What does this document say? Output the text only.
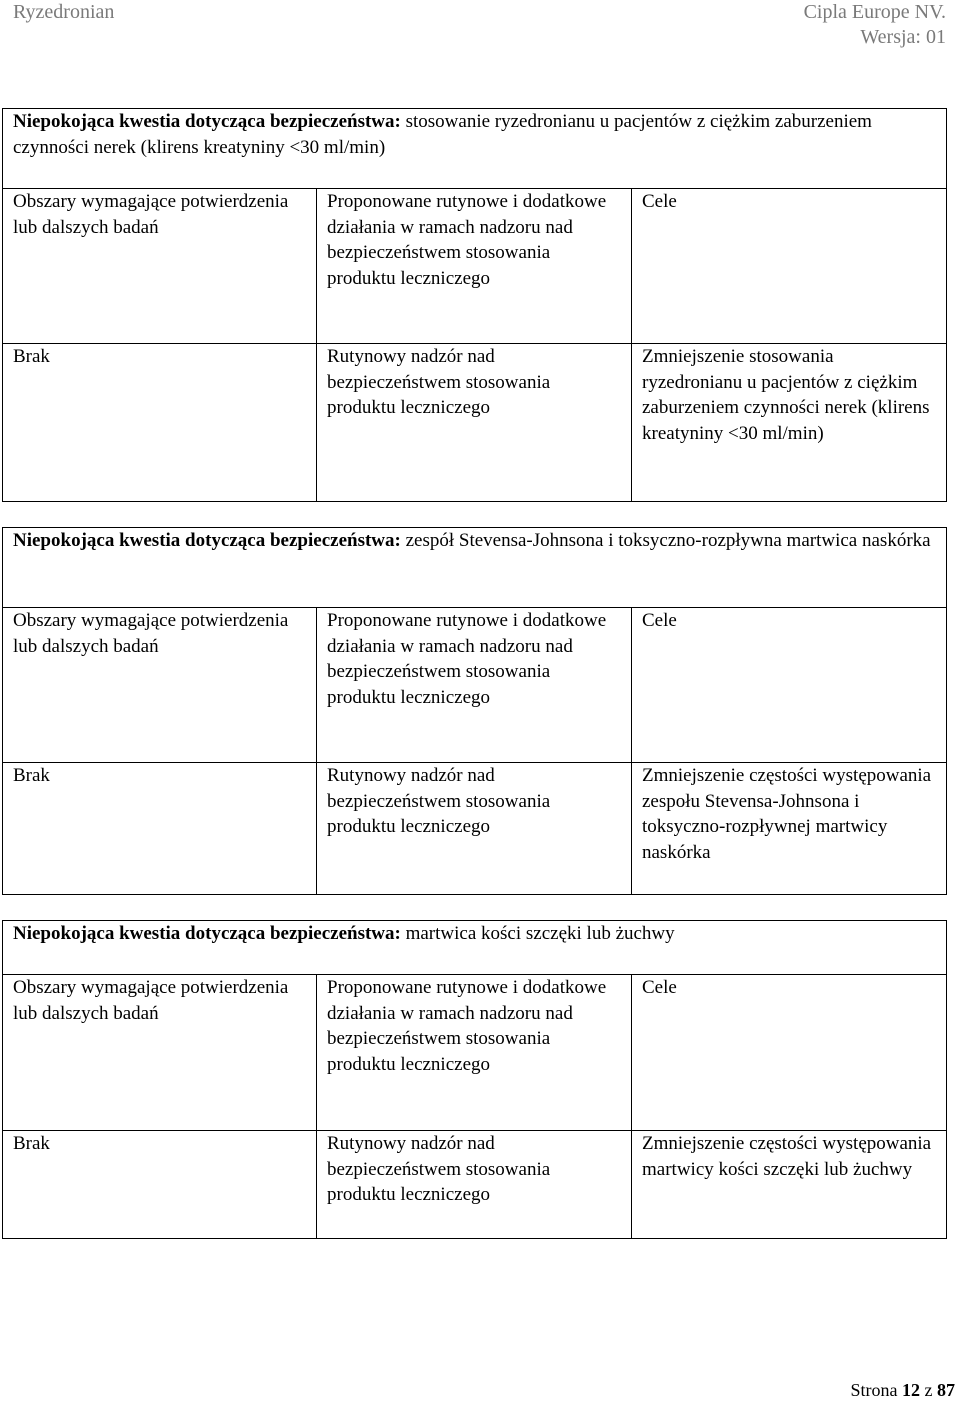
Ryzedronian	Cipla Europe NV.
Wersja: 01
Niepokojąca kwestia dotycząca bezpieczeństwa: stosowanie ryzedronianu u pacjentów z ciężkim zaburzeniem czynności nerek (klirens kreatyniny <30 ml/min)		
Obszary wymagające potwierdzenia lub dalszych badań	Proponowane rutynowe i dodatkowe działania w ramach nadzoru nad bezpieczeństwem stosowania produktu leczniczego	Cele
Brak	Rutynowy nadzór nad bezpieczeństwem stosowania produktu leczniczego	Zmniejszenie stosowania ryzedronianu u pacjentów z ciężkim zaburzeniem czynności nerek (klirens kreatyniny <30 ml/min)
Niepokojąca kwestia dotycząca bezpieczeństwa: zespół Stevensa-Johnsona i toksyczno-rozpływna martwica naskórka		
Obszary wymagające potwierdzenia lub dalszych badań	Proponowane rutynowe i dodatkowe działania w ramach nadzoru nad bezpieczeństwem stosowania produktu leczniczego	Cele
Brak	Rutynowy nadzór nad bezpieczeństwem stosowania produktu leczniczego	Zmniejszenie częstości występowania zespołu Stevensa-Johnsona i toksyczno-rozpływnej martwicy naskórka
Niepokojąca kwestia dotycząca bezpieczeństwa: martwica kości szczęki lub żuchwy		
Obszary wymagające potwierdzenia lub dalszych badań	Proponowane rutynowe i dodatkowe działania w ramach nadzoru nad bezpieczeństwem stosowania produktu leczniczego	Cele
Brak	Rutynowy nadzór nad bezpieczeństwem stosowania produktu leczniczego	Zmniejszenie częstości występowania martwicy kości szczęki lub żuchwy
Strona 12 z 87
